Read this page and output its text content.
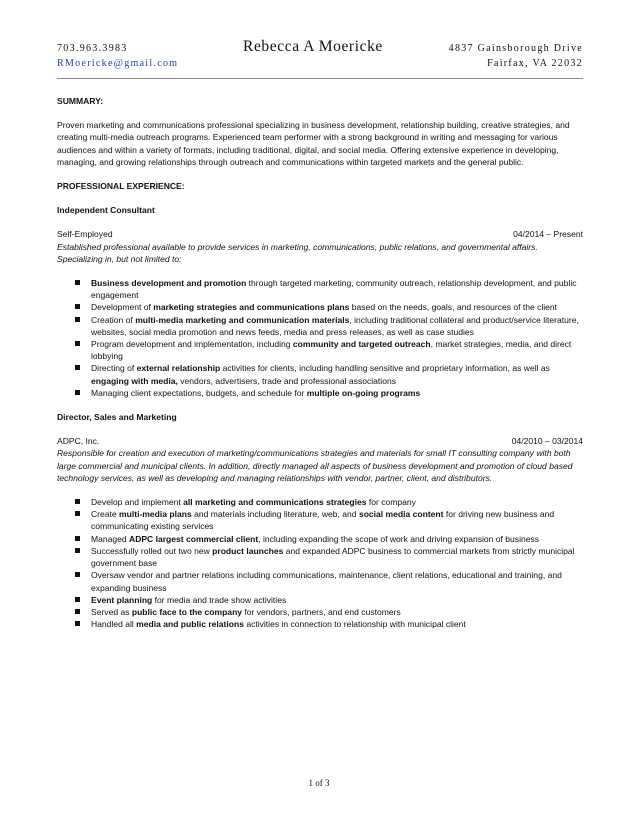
703.963.3983	Rebecca A Moericke	4837 Gainsborough Drive
RMoericke@gmail.com	Fairfax, VA 22032

SUMMARY:

Proven marketing and communications professional specializing in business development, relationship building, creative strategies, and creating multi-media outreach programs. Experienced team performer with a strong background in writing and messaging for various audiences and within a variety of formats, including traditional, digital, and social media. Offering extensive experience in developing, managing, and growing relationships through outreach and communications within targeted markets and the general public.

PROFESSIONAL EXPERIENCE:

Independent Consultant

Self-Employed	04/2014 – Present

Established professional available to provide services in marketing, communications, public relations, and governmental affairs. Specializing in, but not limited to:

Business development and promotion through targeted marketing, community outreach, relationship development, and public engagement
Development of marketing strategies and communications plans based on the needs, goals, and resources of the client
Creation of multi-media marketing and communication materials, including traditional collateral and product/service literature, websites, social media promotion and news feeds, media and press releases, as well as case studies
Program development and implementation, including community and targeted outreach, market strategies, media, and direct lobbying
Directing of external relationship activities for clients, including handling sensitive and proprietary information, as well as engaging with media, vendors, advertisers, trade and professional associations
Managing client expectations, budgets, and schedule for multiple on-going programs

Director, Sales and Marketing

ADPC, Inc.	04/2010 – 03/2014

Responsible for creation and execution of marketing/communications strategies and materials for small IT consulting company with both large commercial and municipal clients. In addition, directly managed all aspects of business development and promotion of cloud based technology services, as well as developing and managing relationships with vendor, partner, client, and distributors.

Develop and implement all marketing and communications strategies for company
Create multi-media plans and materials including literature, web, and social media content for driving new business and communicating existing services
Managed ADPC largest commercial client, including expanding the scope of work and driving expansion of business
Successfully rolled out two new product launches and expanded ADPC business to commercial markets from strictly municipal government base
Oversaw vendor and partner relations including communications, maintenance, client relations, educational and training, and expanding business
Event planning for media and trade show activities
Served as public face to the company for vendors, partners, and end customers
Handled all media and public relations activities in connection to relationship with municipal client
1 of 3
